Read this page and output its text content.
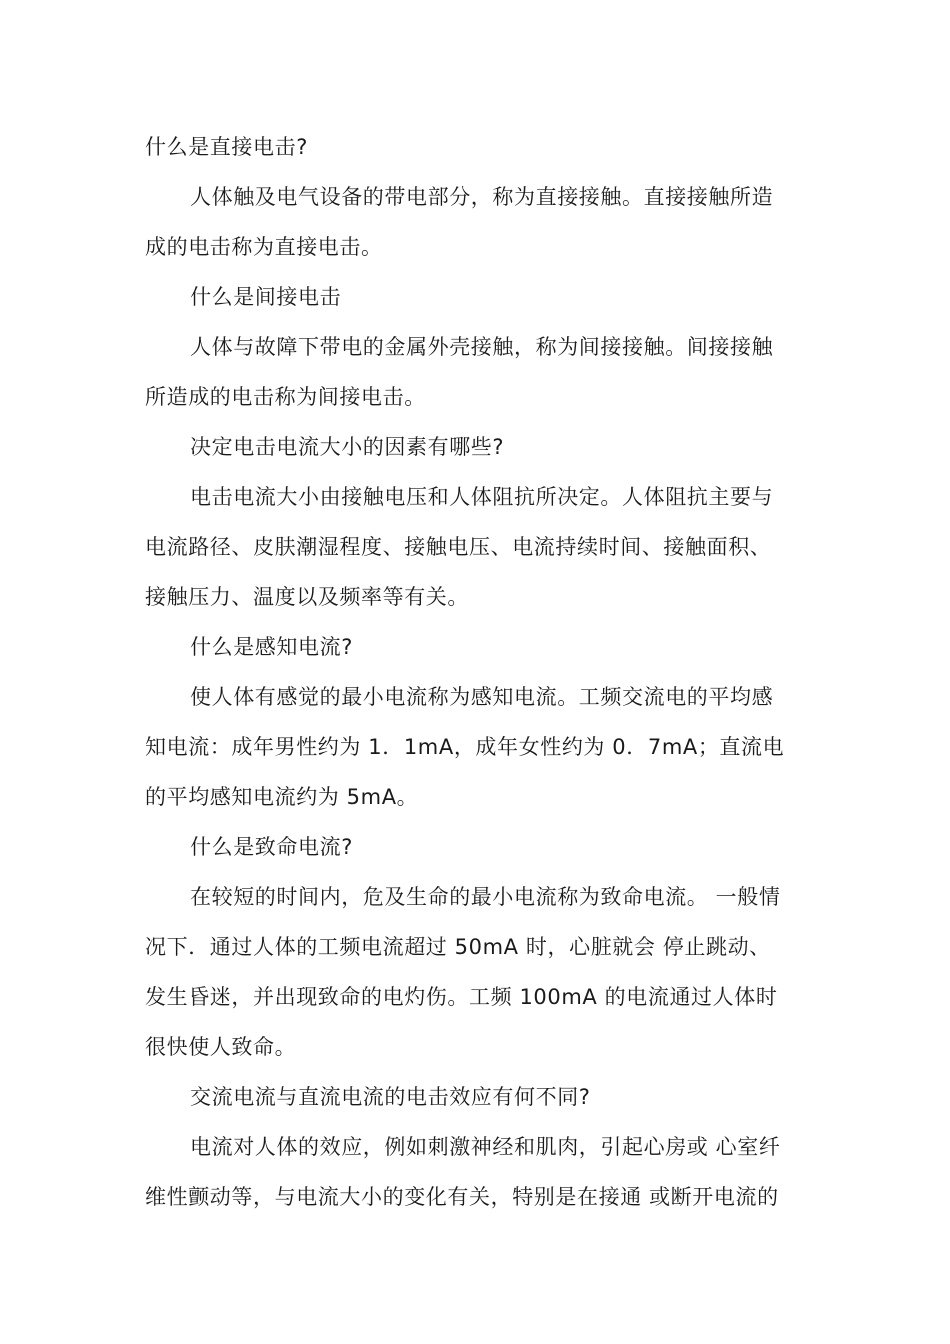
什么是直接电击?
人体触及电气设备的带电部分，称为直接接触。直接接触所造
成的电击称为直接电击。
什么是间接电击
人体与故障下带电的金属外壳接触，称为间接接触。间接接触
所造成的电击称为间接电击。
决定电击电流大小的因素有哪些?
电击电流大小由接触电压和人体阻抗所决定。人体阻抗主要与
电流路径、皮肤潮湿程度、接触电压、电流持续时间、接触面积、
接触压力、温度以及频率等有关。
什么是感知电流?
使人体有感觉的最小电流称为感知电流。工频交流电的平均感
知电流：成年男性约为 1．1mA，成年女性约为 0．7mA；直流电
的平均感知电流约为 5mA。
什么是致命电流?
在较短的时间内，危及生命的最小电流称为致命电流。 一般情
况下．通过人体的工频电流超过 50mA 时，心脏就会 停止跳动、
发生昏迷，并出现致命的电灼伤。工频 100mA 的电流通过人体时
很快使人致命。
交流电流与直流电流的电击效应有何不同?
电流对人体的效应，例如刺激神经和肌肉，引起心房或 心室纤
维性颤动等，与电流大小的变化有关，特别是在接通 或断开电流的
